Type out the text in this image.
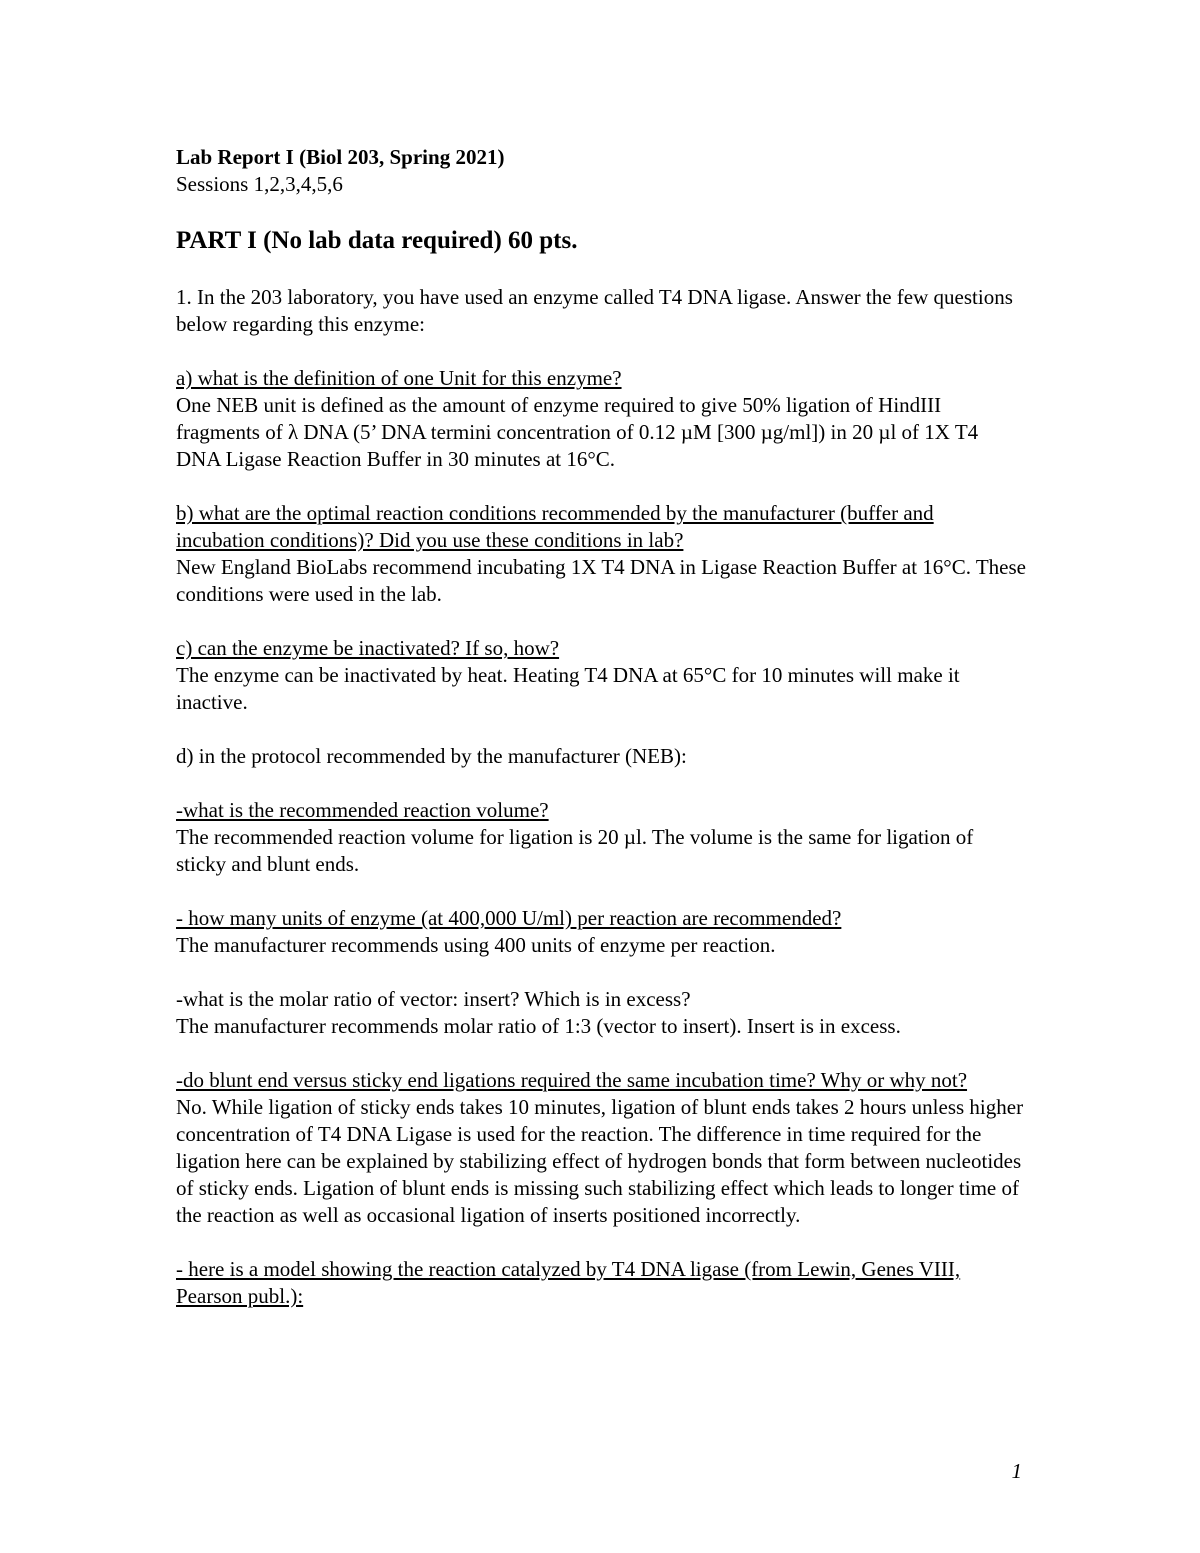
Lab Report I (Biol 203, Spring 2021)

Sessions 1,2,3,4,5,6

PART I (No lab data required) 60 pts.

1. In the 203 laboratory, you have used an enzyme called T4 DNA ligase. Answer the few questions below regarding this enzyme:

a) what is the definition of one Unit for this enzyme?

One NEB unit is defined as the amount of enzyme required to give 50% ligation of HindIII fragments of λ DNA (5’ DNA termini concentration of 0.12 µM [300 µg/ml]) in 20 µl of 1X T4 DNA Ligase Reaction Buffer in 30 minutes at 16°C.

b) what are the optimal reaction conditions recommended by the manufacturer (buffer and incubation conditions)? Did you use these conditions in lab?

New England BioLabs recommend incubating 1X T4 DNA in Ligase Reaction Buffer at 16°C. These conditions were used in the lab.

c) can the enzyme be inactivated? If so, how?

The enzyme can be inactivated by heat. Heating T4 DNA at 65°C for 10 minutes will make it inactive.

d) in the protocol recommended by the manufacturer (NEB):

-what is the recommended reaction volume?

The recommended reaction volume for ligation is 20 µl. The volume is the same for ligation of sticky and blunt ends.

- how many units of enzyme (at 400,000 U/ml) per reaction are recommended?

The manufacturer recommends using 400 units of enzyme per reaction.

-what is the molar ratio of vector: insert? Which is in excess?

The manufacturer recommends molar ratio of 1:3 (vector to insert). Insert is in excess.

-do blunt end versus sticky end ligations required the same incubation time? Why or why not?

No. While ligation of sticky ends takes 10 minutes, ligation of blunt ends takes 2 hours unless higher concentration of T4 DNA Ligase is used for the reaction. The difference in time required for the ligation here can be explained by stabilizing effect of hydrogen bonds that form between nucleotides of sticky ends. Ligation of blunt ends is missing such stabilizing effect which leads to longer time of the reaction as well as occasional ligation of inserts positioned incorrectly.

- here is a model showing the reaction catalyzed by T4 DNA ligase (from Lewin, Genes VIII, Pearson publ.):

1
